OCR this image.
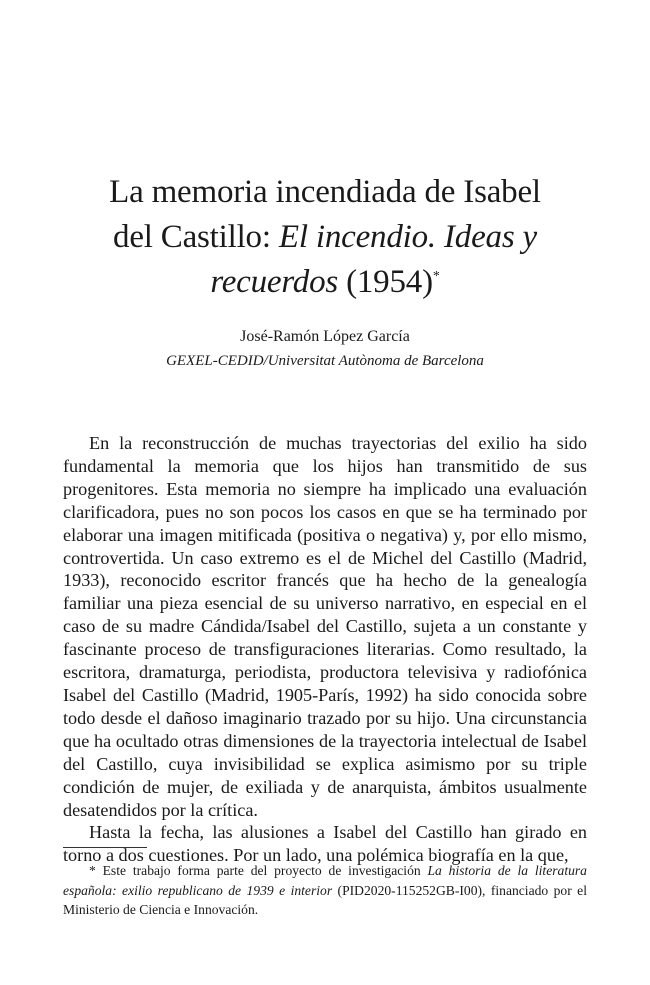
La memoria incendiada de Isabel
del Castillo: El incendio. Ideas y
recuerdos (1954)*
José-Ramón López García
GEXEL-CEDID/Universitat Autònoma de Barcelona

En la reconstrucción de muchas trayectorias del exilio ha sido fundamental la memoria que los hijos han transmitido de sus progenitores. Esta memoria no siempre ha implicado una evaluación clarificadora, pues no son pocos los casos en que se ha terminado por elaborar una imagen mitificada (positiva o negativa) y, por ello mismo, controvertida. Un caso extremo es el de Michel del Castillo (Madrid, 1933), reconocido escritor francés que ha hecho de la genealogía familiar una pieza esencial de su universo narrativo, en especial en el caso de su madre Cándida/Isabel del Castillo, sujeta a un constante y fascinante proceso de transfiguraciones literarias. Como resultado, la escritora, dramaturga, periodista, productora televisiva y radiofónica Isabel del Castillo (Madrid, 1905-París, 1992) ha sido conocida sobre todo desde el dañoso imaginario trazado por su hijo. Una circunstancia que ha ocultado otras dimensiones de la trayectoria intelectual de Isabel del Castillo, cuya invisibilidad se explica asimismo por su triple condición de mujer, de exiliada y de anarquista, ámbitos usualmente desatendidos por la crítica.

Hasta la fecha, las alusiones a Isabel del Castillo han girado en torno a dos cuestiones. Por un lado, una polémica biografía en la que,

* Este trabajo forma parte del proyecto de investigación La historia de la literatura española: exilio republicano de 1939 e interior (PID2020-115252GB-I00), financiado por el Ministerio de Ciencia e Innovación.
